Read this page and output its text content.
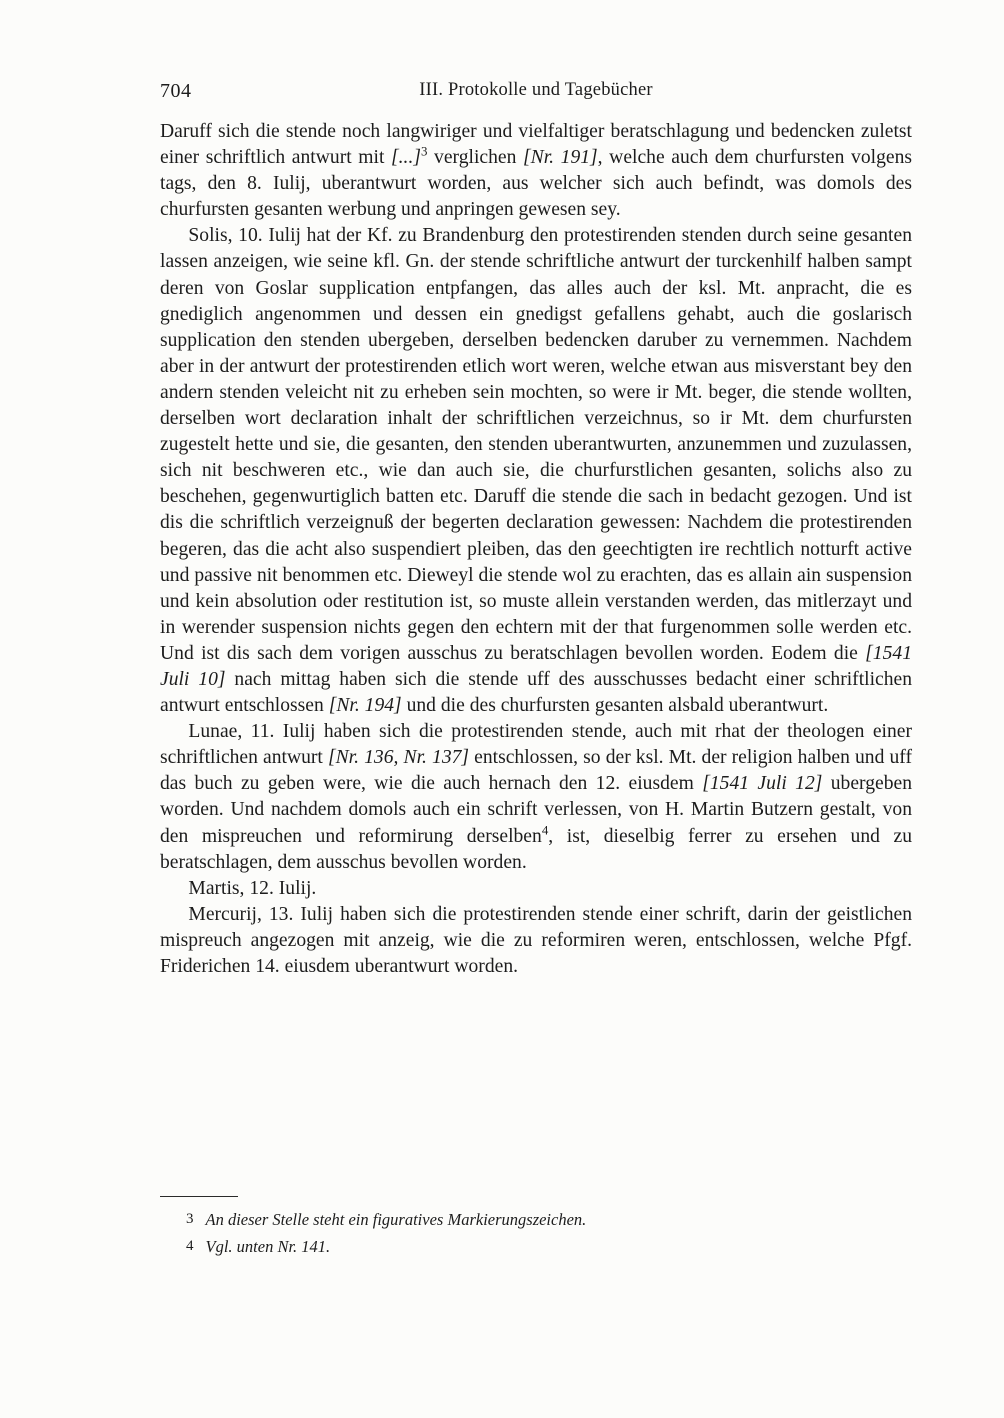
704	III. Protokolle und Tagebücher

Daruff sich die stende noch langwiriger und vielfaltiger beratschlagung und bedencken zuletst einer schriftlich antwurt mit [...]$^3$ verglichen [Nr. 191], welche auch dem churfursten volgens tags, den 8. Iulij, uberantwurt worden, aus welcher sich auch befindt, was domols des churfursten gesanten werbung und anpringen gewesen sey.

Solis, 10. Iulij hat der Kf. zu Brandenburg den protestirenden stenden durch seine gesanten lassen anzeigen, wie seine kfl. Gn. der stende schriftliche antwurt der turckenhilf halben sampt deren von Goslar supplication entpfangen, das alles auch der ksl. Mt. anpracht, die es gnediglich angenommen und dessen ein gnedigst gefallens gehabt, auch die goslarisch supplication den stenden ubergeben, derselben bedencken daruber zu vernemmen. Nachdem aber in der antwurt der protestirenden etlich wort weren, welche etwan aus misverstant bey den andern stenden veleicht nit zu erheben sein mochten, so were ir Mt. beger, die stende wollten, derselben wort declaration inhalt der schriftlichen verzeichnus, so ir Mt. dem churfursten zugestelt hette und sie, die gesanten, den stenden uberantwurten, anzunemmen und zuzulassen, sich nit beschweren etc., wie dan auch sie, die churfurstlichen gesanten, solichs also zu beschehen, gegenwurtiglich batten etc. Daruff die stende die sach in bedacht gezogen. Und ist dis die schriftlich verzeignuß der begerten declaration gewessen: Nachdem die protestirenden begeren, das die acht also suspendiert pleiben, das den geechtigten ire rechtlich notturft active und passive nit benommen etc. Dieweyl die stende wol zu erachten, das es allain ain suspension und kein absolution oder restitution ist, so muste allein verstanden werden, das mitlerzayt und in werender suspension nichts gegen den echtern mit der that furgenommen solle werden etc. Und ist dis sach dem vorigen ausschus zu beratschlagen bevollen worden. Eodem die [1541 Juli 10] nach mittag haben sich die stende uff des ausschusses bedacht einer schriftlichen antwurt entschlossen [Nr. 194] und die des churfursten gesanten alsbald uberantwurt.

Lunae, 11. Iulij haben sich die protestirenden stende, auch mit rhat der theologen einer schriftlichen antwurt [Nr. 136, Nr. 137] entschlossen, so der ksl. Mt. der religion halben und uff das buch zu geben were, wie die auch hernach den 12. eiusdem [1541 Juli 12] ubergeben worden. Und nachdem domols auch ein schrift verlessen, von H. Martin Butzern gestalt, von den mispreuchen und reformirung derselben$^4$, ist, dieselbig ferrer zu ersehen und zu beratschlagen, dem ausschus bevollen worden.

Martis, 12. Iulij.

Mercurij, 13. Iulij haben sich die protestirenden stende einer schrift, darin der geistlichen mispreuch angezogen mit anzeig, wie die zu reformiren weren, entschlossen, welche Pfgf. Friderichen 14. eiusdem uberantwurt worden.

3 An dieser Stelle steht ein figuratives Markierungszeichen.
4 Vgl. unten Nr. 141.
